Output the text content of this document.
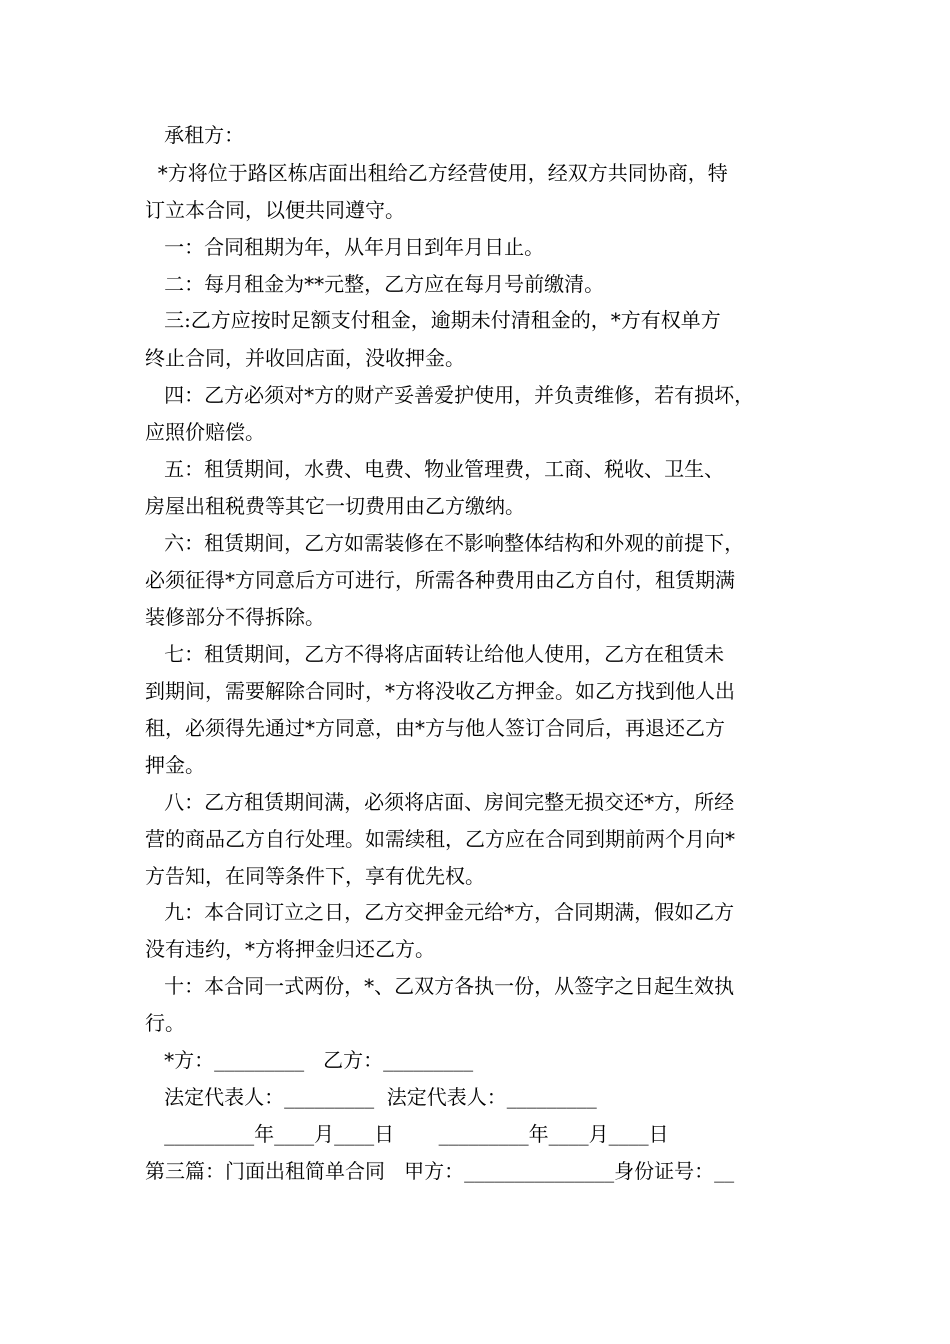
承租方：
*方将位于路区栋店面出租给乙方经营使用，经双方共同协商，特
订立本合同，以便共同遵守。
一：合同租期为年，从年月日到年月日止。
二：每月租金为**元整，乙方应在每月号前缴清。
三:乙方应按时足额支付租金，逾期未付清租金的，*方有权单方
终止合同，并收回店面，没收押金。
四：乙方必须对*方的财产妥善爱护使用，并负责维修，若有损坏，
应照价赔偿。
五：租赁期间，水费、电费、物业管理费，工商、税收、卫生、
房屋出租税费等其它一切费用由乙方缴纳。
六：租赁期间，乙方如需装修在不影响整体结构和外观的前提下，
必须征得*方同意后方可进行，所需各种费用由乙方自付，租赁期满
装修部分不得拆除。
七：租赁期间，乙方不得将店面转让给他人使用，乙方在租赁未
到期间，需要解除合同时，*方将没收乙方押金。如乙方找到他人出
租，必须得先通过*方同意，由*方与他人签订合同后，再退还乙方
押金。
八：乙方租赁期间满，必须将店面、房间完整无损交还*方，所经
营的商品乙方自行处理。如需续租，乙方应在合同到期前两个月向*
方告知，在同等条件下，享有优先权。
九：本合同订立之日，乙方交押金元给*方，合同期满，假如乙方
没有违约，*方将押金归还乙方。
十：本合同一式两份，*、乙双方各执一份，从签字之日起生效执
行。
*方：_________   乙方：_________
法定代表人：_________  法定代表人：_________
_________年____月____日       _________年____月____日
第三篇：门面出租简单合同   甲方：_______________身份证号：__
